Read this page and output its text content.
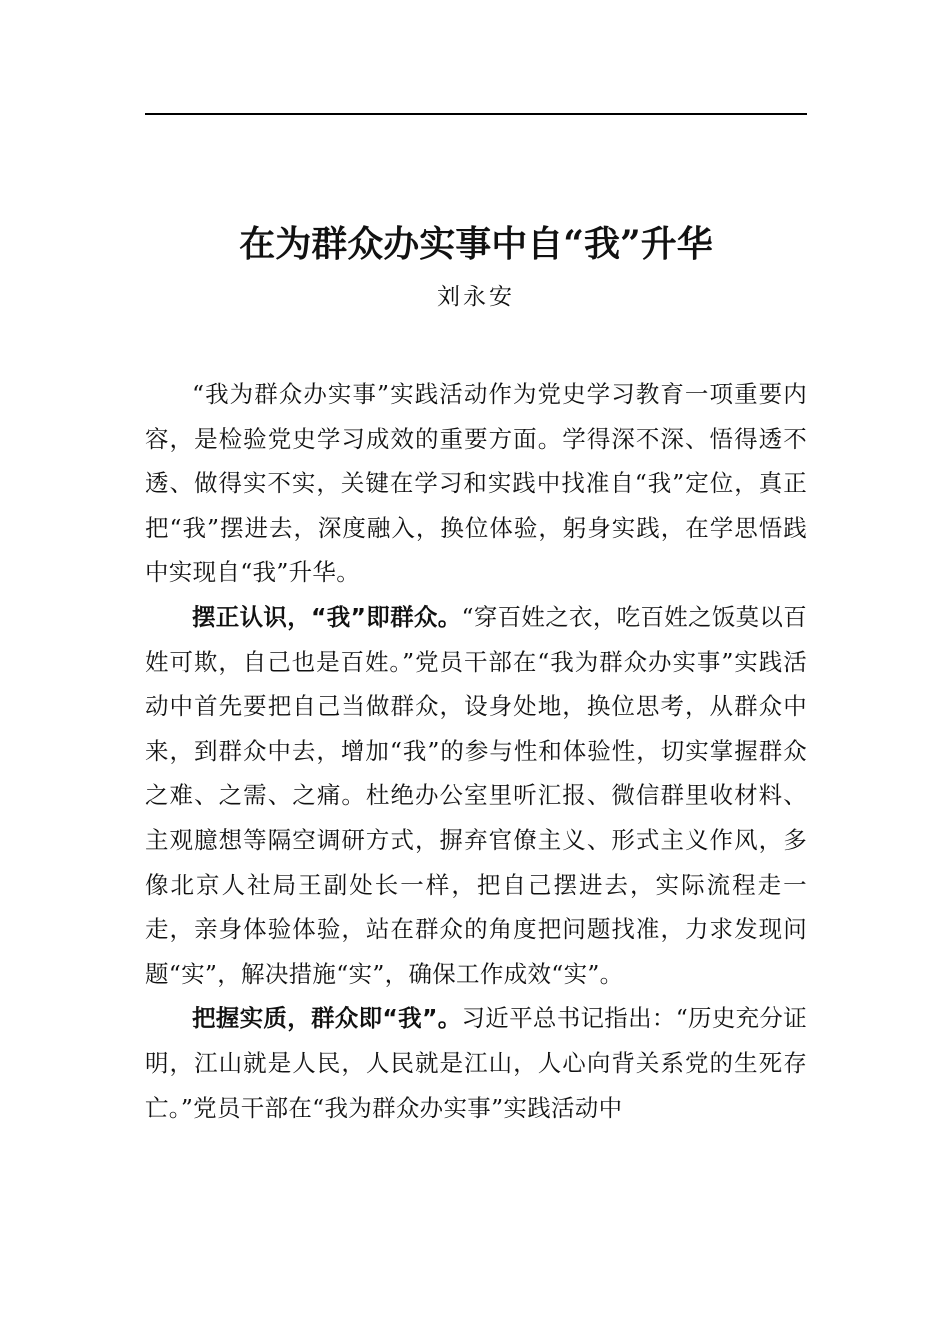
在为群众办实事中自“我”升华
刘永安

“我为群众办实事”实践活动作为党史学习教育一项重要内容，是检验党史学习成效的重要方面。学得深不深、悟得透不透、做得实不实，关键在学习和实践中找准自“我”定位，真正把“我”摆进去，深度融入，换位体验，躬身实践，在学思悟践中实现自“我”升华。

摆正认识，“我”即群众。“穿百姓之衣，吃百姓之饭莫以百姓可欺，自己也是百姓。”党员干部在“我为群众办实事”实践活动中首先要把自己当做群众，设身处地，换位思考，从群众中来，到群众中去，增加“我”的参与性和体验性，切实掌握群众之难、之需、之痛。杜绝办公室里听汇报、微信群里收材料、主观臆想等隔空调研方式，摒弃官僚主义、形式主义作风，多像北京人社局王副处长一样，把自己摆进去，实际流程走一走，亲身体验体验，站在群众的角度把问题找准，力求发现问题“实”，解决措施“实”，确保工作成效“实”。

把握实质，群众即“我”。习近平总书记指出：“历史充分证明，江山就是人民，人民就是江山，人心向背关系党的生死存亡。”党员干部在“我为群众办实事”实践活动中
